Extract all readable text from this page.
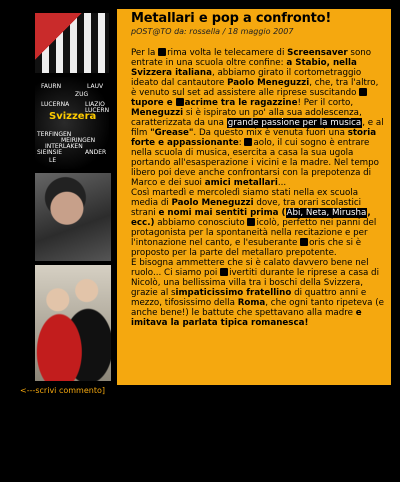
FAURN	LAUV
ZUG
LUCERNA	LIAZIO
LUCERN
Svizzera
TERFINGEN
MEIRINGEN
INTERLAKEN
ANDER
SIEINSIE
LE
Metallari e pop a confronto!
pOST@TO da: rossella / 18 maggio 2007

Per la rima volta le telecamere di Screensaver sono entrate in una scuola oltre confine: a Stabio, nella Svizzera italiana, abbiamo girato il cortometraggio ideato dal cantautore Paolo Meneguzzi, che, tra l'altro, è venuto sul set ad assistere alle riprese suscitando tupore e acrime tra le ragazzine! Per il corto, Meneguzzi si è ispirato un po' alla sua adolescenza, caratterizzata da una grande passione per la musica, e al film "Grease". Da questo mix è venuta fuori una storia forte e appassionante: aolo, il cui sogno è entrare nella scuola di musica, esercita a casa la sua ugola portando all'esasperazione i vicini e la madre. Nel tempo libero poi deve anche confrontarsi con la prepotenza di Marco e dei suoi amici metallari...
Così martedì e mercoledì siamo stati nella ex scuola media di Paolo Meneguzzi dove, tra orari scolastici strani e nomi mai sentiti prima (Abi, Neta, Mirusha, ecc.) abbiamo conosciuto icolò, perfetto nei panni del protagonista per la spontaneità nella recitazione e per l'intonazione nel canto, e l'esuberante oris che si è proposto per la parte del metallaro prepotente.
E bisogna ammettere che si è calato davvero bene nel ruolo... Ci siamo poi ivertiti durante le riprese a casa di Nicolò, una bellissima villa tra i boschi della Svizzera, grazie al simpaticissimo fratellino di quattro anni e mezzo, tifosissimo della Roma, che ogni tanto ripeteva (e anche bene!) le battute che spettavano alla madre e imitava la parlata tipica romanesca!

<---scrivi commento]
